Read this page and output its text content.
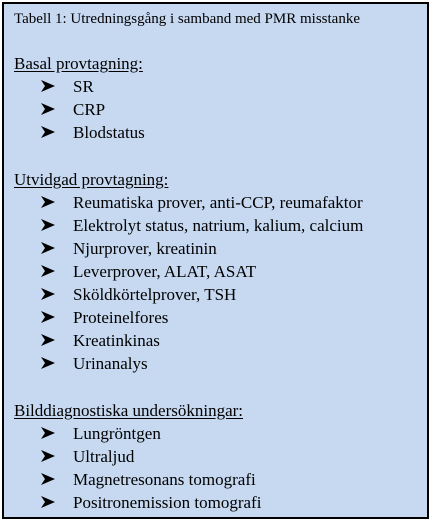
Tabell 1: Utredningsgång i samband med PMR misstanke
Basal provtagning:
SR
CRP
Blodstatus
Utvidgad provtagning:
Reumatiska prover, anti-CCP, reumafaktor
Elektrolyt status, natrium, kalium, calcium
Njurprover, kreatinin
Leverprover, ALAT, ASAT
Sköldkörtelprover, TSH
Proteinelfores
Kreatinkinas
Urinanalys
Bilddiagnostiska undersökningar:
Lungröntgen
Ultraljud
Magnetresonans tomografi
Positronemission tomografi
